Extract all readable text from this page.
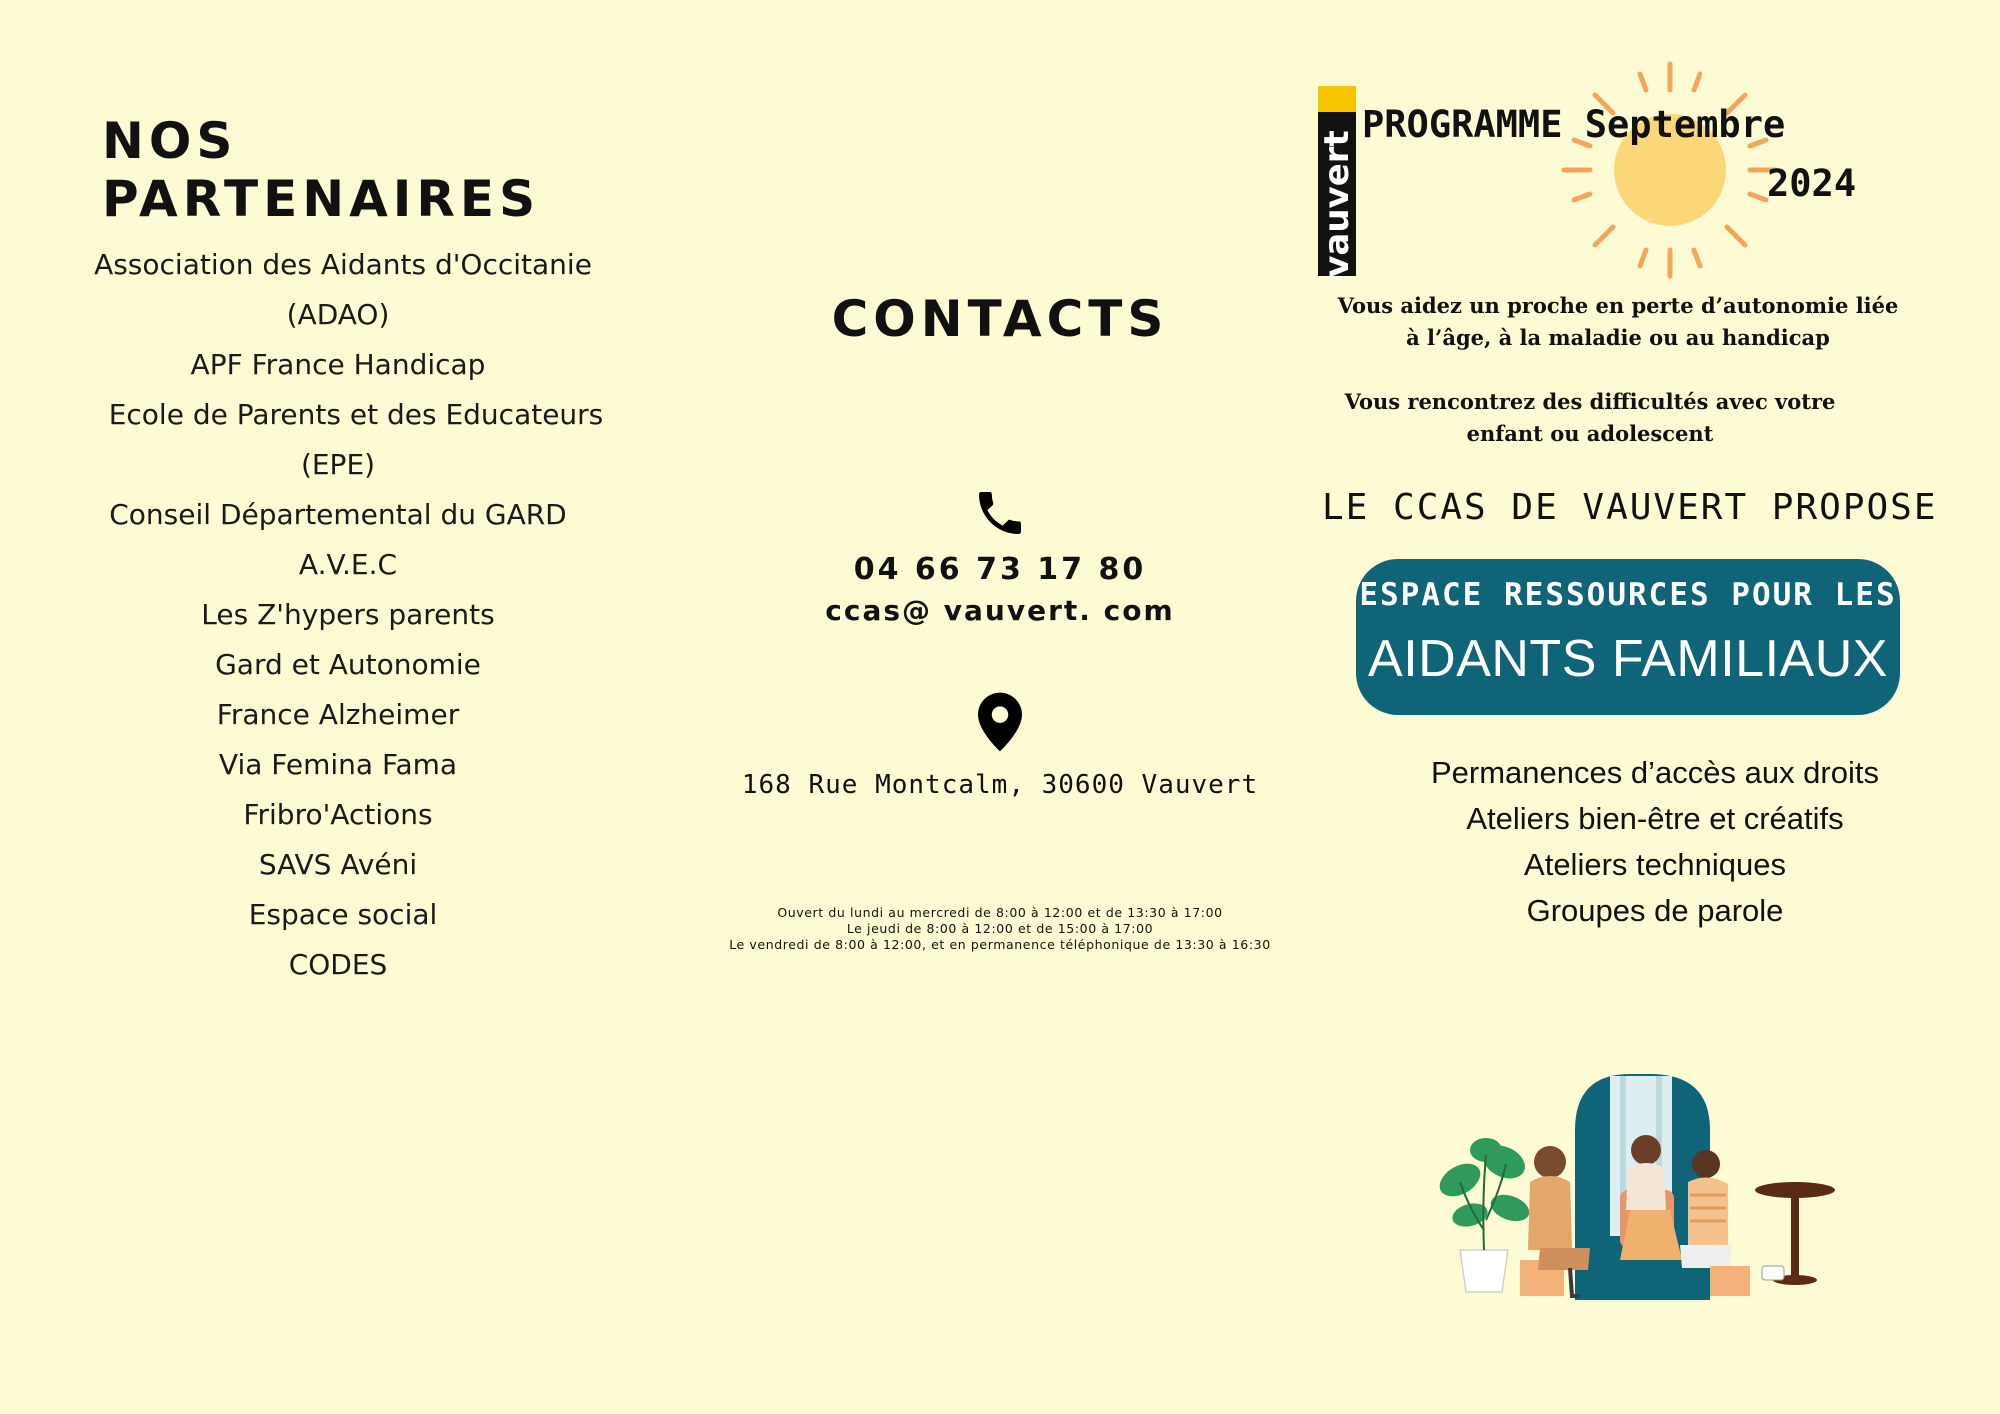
NOS PARTENAIRES
Association des Aidants d'Occitanie
(ADAO)
APF France Handicap
Ecole de Parents et des Educateurs
(EPE)
Conseil Départemental du GARD
A.V.E.C
Les Z'hypers parents
Gard et Autonomie
France Alzheimer
Via Femina Fama
Fribro'Actions
SAVS Avéni
Espace social
CODES
CONTACTS
04 66 73 17 80
ccas@ vauvert. com
168 Rue Montcalm, 30600 Vauvert
Ouvert du lundi au mercredi de 8:00 à 12:00 et de 13:30 à 17:00
Le jeudi de 8:00 à 12:00 et de 15:00 à 17:00
Le vendredi de 8:00 à 12:00, et en permanence téléphonique de 13:30 à 16:30
vauvert
PROGRAMME Septembre
2024

Vous aidez un proche en perte d’autonomie liée
à l’âge, à la maladie ou au handicap

Vous rencontrez des difficultés avec votre
enfant ou adolescent

LE CCAS DE VAUVERT PROPOSE
ESPACE RESSOURCES POUR LES
AIDANTS FAMILIAUX
Permanences d’accès aux droits
Ateliers bien-être et créatifs
Ateliers techniques
Groupes de parole
